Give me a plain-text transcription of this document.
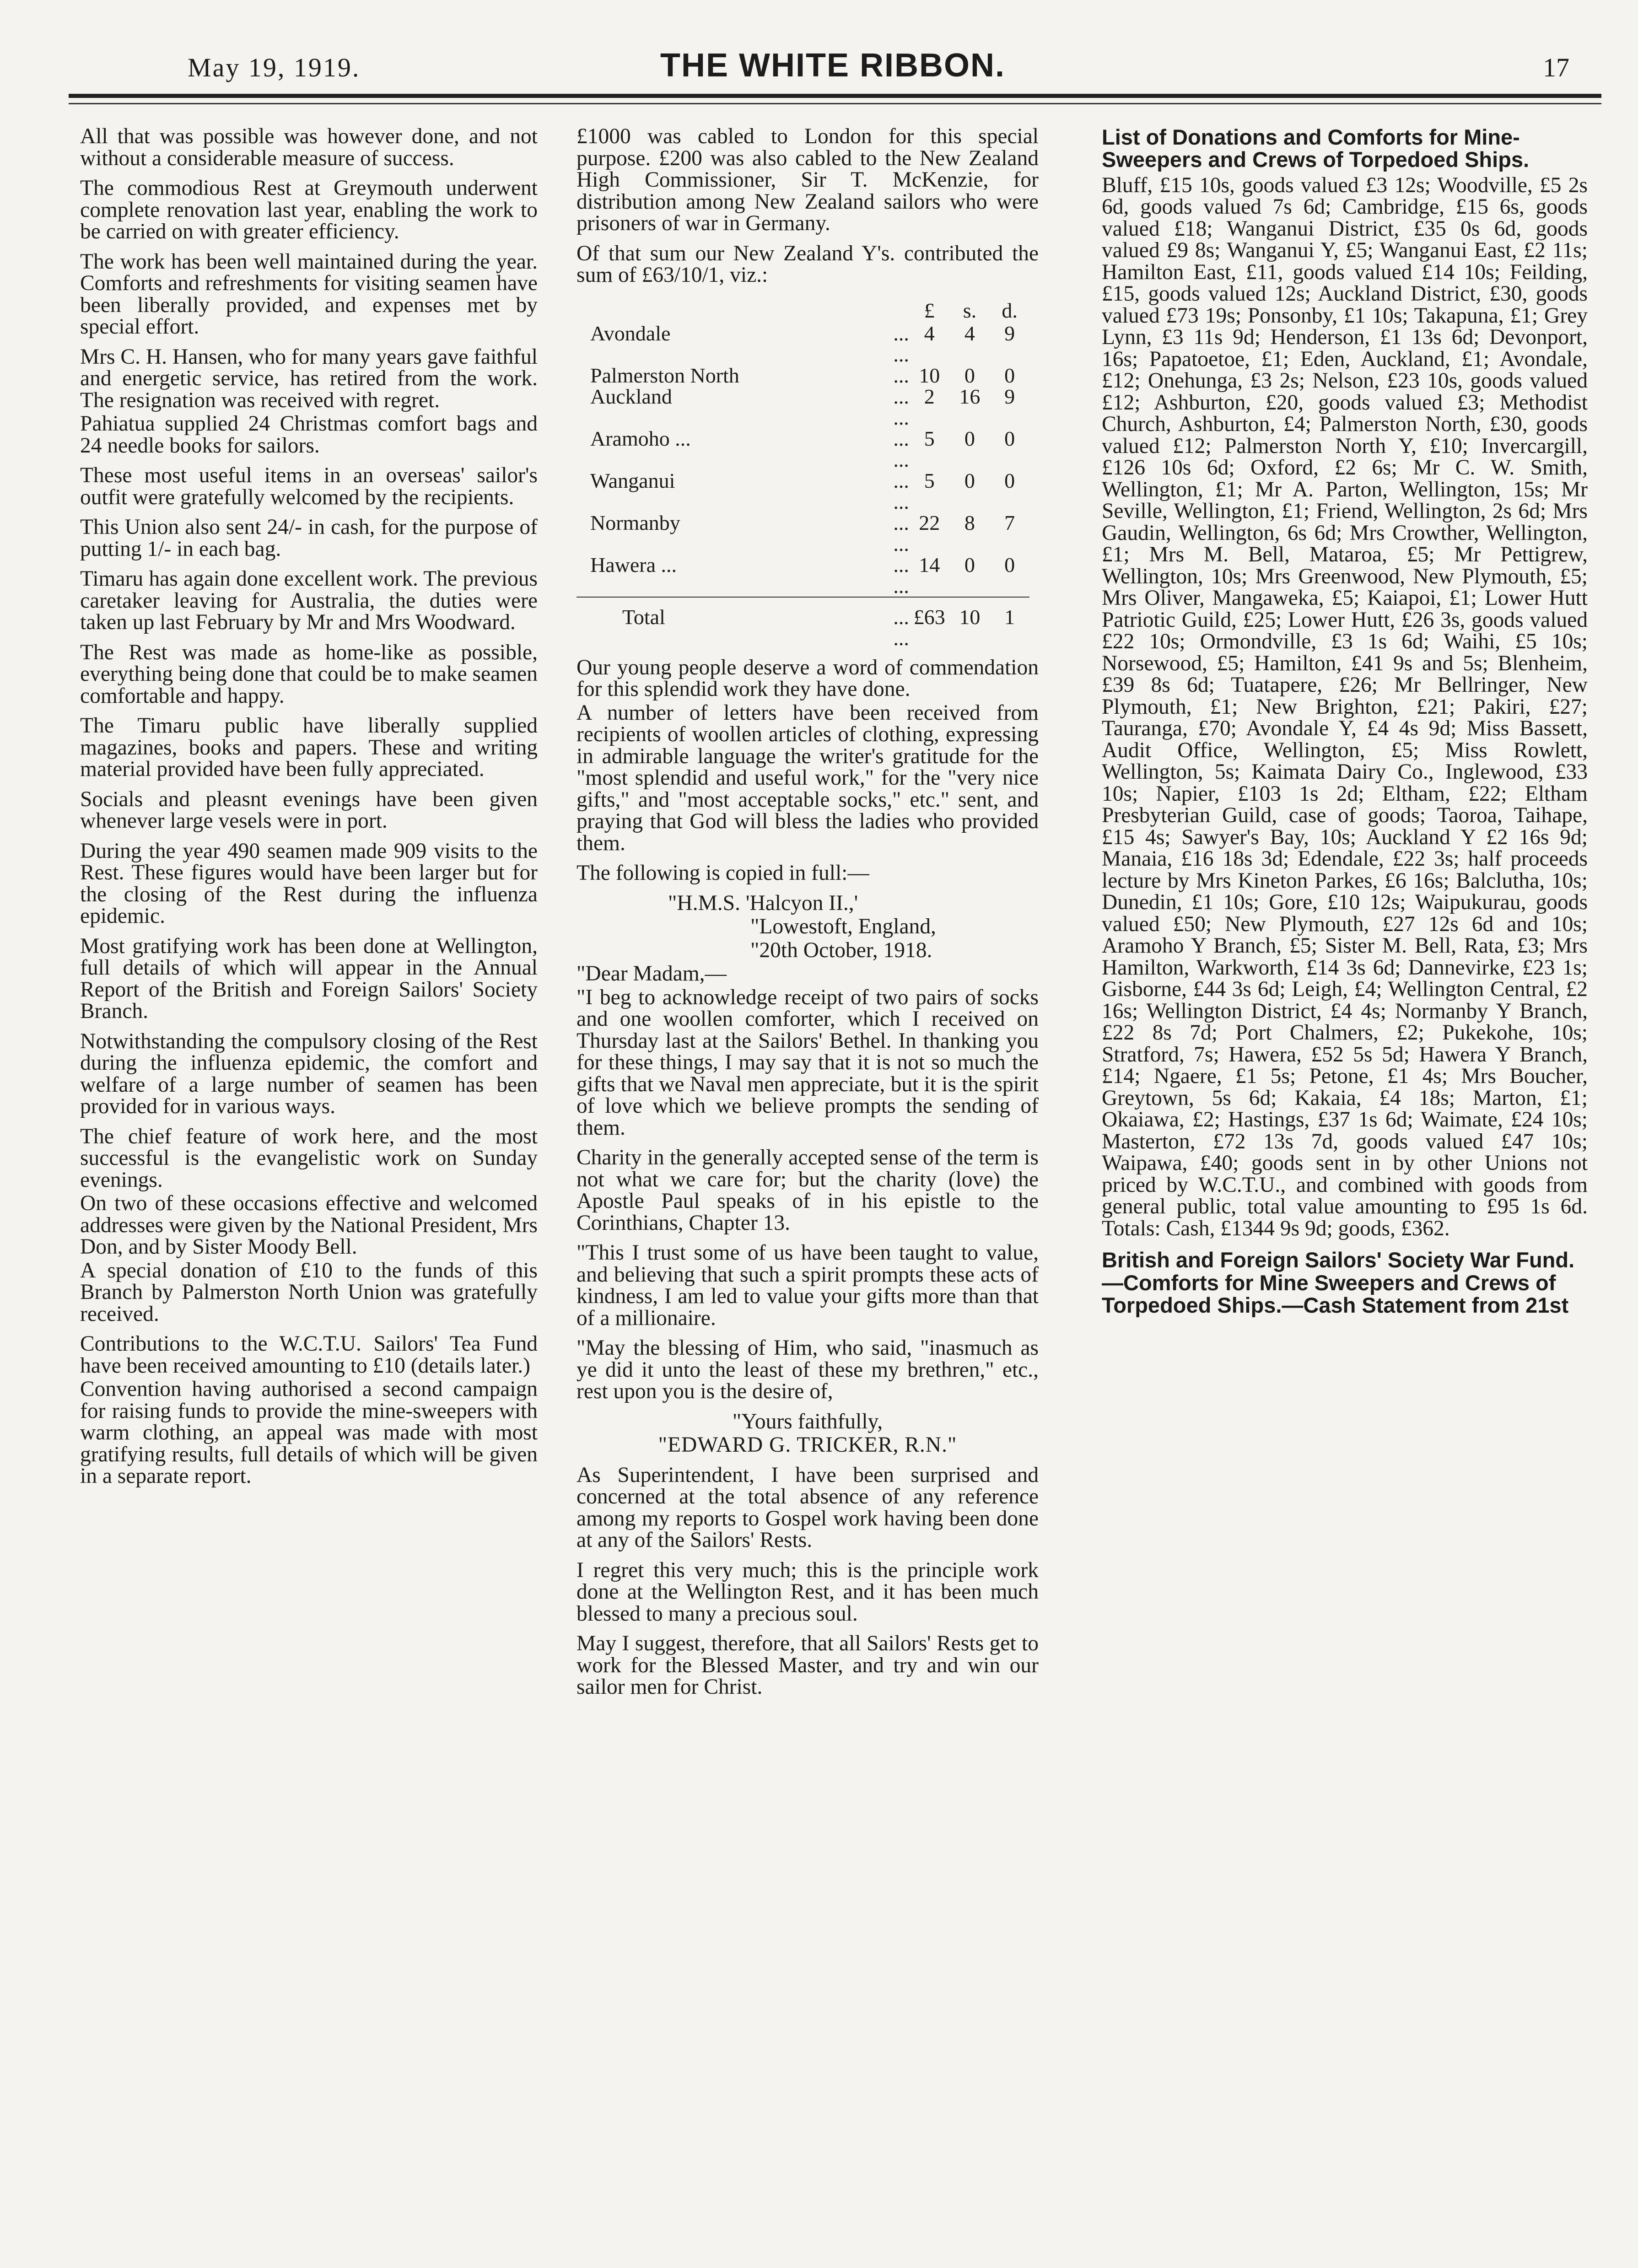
May 19, 1919.	THE WHITE RIBBON.	17

All that was possible was however done, and not without a considerable measure of success.

The commodious Rest at Greymouth underwent complete renovation last year, enabling the work to be carried on with greater efficiency.

The work has been well maintained during the year. Comforts and refreshments for visiting seamen have been liberally provided, and expenses met by special effort.

Mrs C. H. Hansen, who for many years gave faithful and energetic service, has retired from the work. The resignation was received with regret.

Pahiatua supplied 24 Christmas comfort bags and 24 needle books for sailors.

These most useful items in an overseas' sailor's outfit were gratefully welcomed by the recipients.

This Union also sent 24/- in cash, for the purpose of putting 1/- in each bag.

Timaru has again done excellent work. The previous caretaker leaving for Australia, the duties were taken up last February by Mr and Mrs Woodward.

The Rest was made as home-like as possible, everything being done that could be to make seamen comfortable and happy.

The Timaru public have liberally supplied magazines, books and papers. These and writing material provided have been fully appreciated.

Socials and pleasnt evenings have been given whenever large vesels were in port.

During the year 490 seamen made 909 visits to the Rest. These figures would have been larger but for the closing of the Rest during the influenza epidemic.

Most gratifying work has been done at Wellington, full details of which will appear in the Annual Report of the British and Foreign Sailors' Society Branch.

Notwithstanding the compulsory closing of the Rest during the influenza epidemic, the comfort and welfare of a large number of seamen has been provided for in various ways.

The chief feature of work here, and the most successful is the evangelistic work on Sunday evenings.

On two of these occasions effective and welcomed addresses were given by the National President, Mrs Don, and by Sister Moody Bell.

A special donation of £10 to the funds of this Branch by Palmerston North Union was gratefully received.

Contributions to the W.C.T.U. Sailors' Tea Fund have been received amounting to £10 (details later.)

Convention having authorised a second campaign for raising funds to provide the mine-sweepers with warm clothing, an appeal was made with most gratifying results, full details of which will be given in a separate report.

£1000 was cabled to London for this special purpose. £200 was also cabled to the New Zealand High Commissioner, Sir T. McKenzie, for distribution among New Zealand sailors who were prisoners of war in Germany.

Of that sum our New Zealand Y's. contributed the sum of £63/10/1, viz.:

		£	s.	d.
Avondale	... ...	4	4	9
Palmerston North	...	10	0	0
Auckland	... ...	2	16	9
Aramoho ...	... ...	5	0	0
Wanganui	... ...	5	0	0
Normanby	... ...	22	8	7
Hawera ...	... ...	14	0	0
Total	... ...	£63	10	1

Our young people deserve a word of commendation for this splendid work they have done.

A number of letters have been received from recipients of woollen articles of clothing, expressing in admirable language the writer's gratitude for the "most splendid and useful work," for the "very nice gifts," and "most acceptable socks," etc." sent, and praying that God will bless the ladies who provided them.

The following is copied in full:—

"H.M.S. 'Halcyon II.,'

"Lowestoft, England,

"20th October, 1918.

"Dear Madam,—

"I beg to acknowledge receipt of two pairs of socks and one woollen comforter, which I received on Thursday last at the Sailors' Bethel. In thanking you for these things, I may say that it is not so much the gifts that we Naval men appreciate, but it is the spirit of love which we believe prompts the sending of them.

Charity in the generally accepted sense of the term is not what we care for; but the charity (love) the Apostle Paul speaks of in his epistle to the Corinthians, Chapter 13.

"This I trust some of us have been taught to value, and believing that such a spirit prompts these acts of kindness, I am led to value your gifts more than that of a millionaire.

"May the blessing of Him, who said, "inasmuch as ye did it unto the least of these my brethren," etc., rest upon you is the desire of,

"Yours faithfully,

"EDWARD G. TRICKER, R.N."

As Superintendent, I have been surprised and concerned at the total absence of any reference among my reports to Gospel work having been done at any of the Sailors' Rests.

I regret this very much; this is the principle work done at the Wellington Rest, and it has been much blessed to many a precious soul.

May I suggest, therefore, that all Sailors' Rests get to work for the Blessed Master, and try and win our sailor men for Christ.

List of Donations and Comforts for Mine-Sweepers and Crews of Torpedoed Ships.

Bluff, £15 10s, goods valued £3 12s; Woodville, £5 2s 6d, goods valued 7s 6d; Cambridge, £15 6s, goods valued £18; Wanganui District, £35 0s 6d, goods valued £9 8s; Wanganui Y, £5; Wanganui East, £2 11s; Hamilton East, £11, goods valued £14 10s; Feilding, £15, goods valued 12s; Auckland District, £30, goods valued £73 19s; Ponsonby, £1 10s; Takapuna, £1; Grey Lynn, £3 11s 9d; Henderson, £1 13s 6d; Devonport, 16s; Papatoetoe, £1; Eden, Auckland, £1; Avondale, £12; Onehunga, £3 2s; Nelson, £23 10s, goods valued £12; Ashburton, £20, goods valued £3; Methodist Church, Ashburton, £4; Palmerston North, £30, goods valued £12; Palmerston North Y, £10; Invercargill, £126 10s 6d; Oxford, £2 6s; Mr C. W. Smith, Wellington, £1; Mr A. Parton, Wellington, 15s; Mr Seville, Wellington, £1; Friend, Wellington, 2s 6d; Mrs Gaudin, Wellington, 6s 6d; Mrs Crowther, Wellington, £1; Mrs M. Bell, Mataroa, £5; Mr Pettigrew, Wellington, 10s; Mrs Greenwood, New Plymouth, £5; Mrs Oliver, Mangaweka, £5; Kaiapoi, £1; Lower Hutt Patriotic Guild, £25; Lower Hutt, £26 3s, goods valued £22 10s; Ormondville, £3 1s 6d; Waihi, £5 10s; Norsewood, £5; Hamilton, £41 9s and 5s; Blenheim, £39 8s 6d; Tuatapere, £26; Mr Bellringer, New Plymouth, £1; New Brighton, £21; Pakiri, £27; Tauranga, £70; Avondale Y, £4 4s 9d; Miss Bassett, Audit Office, Wellington, £5; Miss Rowlett, Wellington, 5s; Kaimata Dairy Co., Inglewood, £33 10s; Napier, £103 1s 2d; Eltham, £22; Eltham Presbyterian Guild, case of goods; Taoroa, Taihape, £15 4s; Sawyer's Bay, 10s; Auckland Y £2 16s 9d; Manaia, £16 18s 3d; Edendale, £22 3s; half proceeds lecture by Mrs Kineton Parkes, £6 16s; Balclutha, 10s; Dunedin, £1 10s; Gore, £10 12s; Waipukurau, goods valued £50; New Plymouth, £27 12s 6d and 10s; Aramoho Y Branch, £5; Sister M. Bell, Rata, £3; Mrs Hamilton, Warkworth, £14 3s 6d; Dannevirke, £23 1s; Gisborne, £44 3s 6d; Leigh, £4; Wellington Central, £2 16s; Wellington District, £4 4s; Normanby Y Branch, £22 8s 7d; Port Chalmers, £2; Pukekohe, 10s; Stratford, 7s; Hawera, £52 5s 5d; Hawera Y Branch, £14; Ngaere, £1 5s; Petone, £1 4s; Mrs Boucher, Greytown, 5s 6d; Kakaia, £4 18s; Marton, £1; Okaiawa, £2; Hastings, £37 1s 6d; Waimate, £24 10s; Masterton, £72 13s 7d, goods valued £47 10s; Waipawa, £40; goods sent in by other Unions not priced by W.C.T.U., and combined with goods from general public, total value amounting to £95 1s 6d. Totals: Cash, £1344 9s 9d; goods, £362.

British and Foreign Sailors' Society War Fund.—Comforts for Mine Sweepers and Crews of Torpedoed Ships.—Cash Statement from 21st
